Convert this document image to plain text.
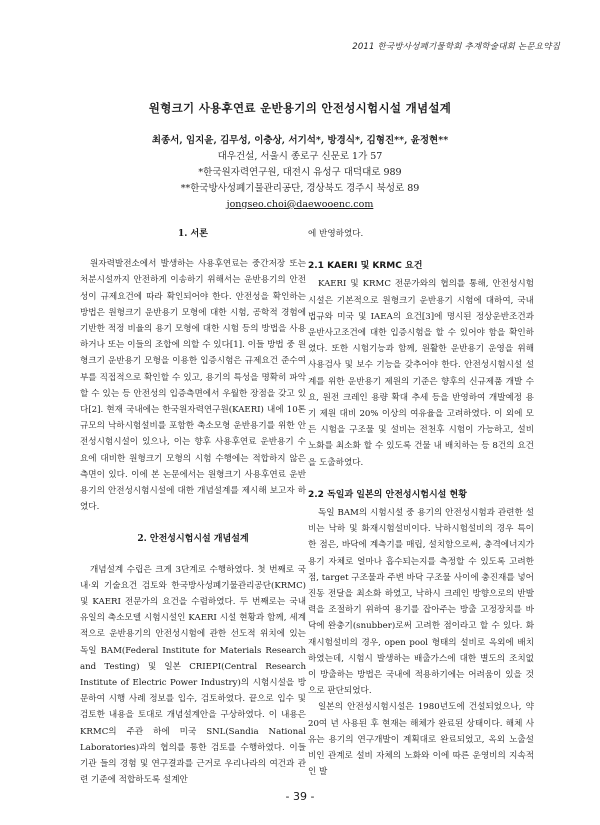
2011 한국방사성폐기물학회 추계학술대회 논문요약집
원형크기 사용후연료 운반용기의 안전성시험시설 개념설계
최종서, 임지윤, 김무성, 이충상, 서기석*, 방경식*, 김형진**, 윤정현**
대우건설, 서울시 종로구 신문로 1가 57
*한국원자력연구원, 대전시 유성구 대덕대로 989
**한국방사성폐기물관리공단, 경상북도 경주시 북성로 89
jongseo.choi@daewooenc.com
1. 서론

원자력발전소에서 발생하는 사용후연료는 중간저장 또는 처분시설까지 안전하게 이송하기 위해서는 운반용기의 안전성이 규제요건에 따라 확인되어야 한다. 안전성을 확인하는 방법은 원형크기 운반용기 모형에 대한 시험, 공학적 경험에 기반한 적정 비율의 용기 모형에 대한 시험 등의 방법을 사용하거나 또는 이들의 조합에 의할 수 있다[1]. 이들 방법 중 원형크기 운반용기 모형을 이용한 입증시험은 규제요건 준수여부를 직접적으로 확인할 수 있고, 용기의 특성을 명확히 파악할 수 있는 등 안전성의 입증측면에서 우월한 장점을 갖고 있다[2]. 현재 국내에는 한국원자력연구원(KAERI) 내에 10톤 규모의 낙하시험설비를 포함한 축소모형 운반용기를 위한 안전성시험시설이 있으나, 이는 향후 사용후연료 운반용기 수요에 대비한 원형크기 모형의 시험 수행에는 적합하지 않은 측면이 있다. 이에 본 논문에서는 원형크기 사용후연료 운반용기의 안전성시험시설에 대한 개념설계를 제시해 보고자 하였다.

2. 안전성시험시설 개념설계

개념설계 수립은 크게 3단계로 수행하였다. 첫 번째로 국내·외 기술요건 검토와 한국방사성폐기물관리공단(KRMC) 및 KAERI 전문가의 요건을 수렴하였다. 두 번째로는 국내 유일의 축소모델 시험시설인 KAERI 시설 현황과 함께, 세계적으로 운반용기의 안전성시험에 관한 선도적 위치에 있는 독일 BAM(Federal Institute for Materials Research and Testing) 및 일본 CRIEPI(Central Research Institute of Electric Power Industry)의 시험시설을 방문하여 시행 사례 정보를 입수, 검토하였다. 끝으로 입수 및 검토한 내용을 토대로 개념설계안을 구상하였다. 이 내용은 KRMC의 주관 하에 미국 SNL(Sandia National Laboratories)과의 협의를 통한 검토를 수행하였다. 이들 기관 들의 경험 및 연구결과를 근거로 우리나라의 여건과 관련 기준에 적합하도록 설계안

에 반영하였다.

2.1 KAERI 및 KRMC 요건

KAERI 및 KRMC 전문가와의 협의를 통해, 안전성시험시설은 기본적으로 원형크기 운반용기 시험에 대하여, 국내 법규와 미국 및 IAEA의 요건[3]에 명시된 정상운반조건과 운반사고조건에 대한 입증시험을 할 수 있어야 함을 확인하였다. 또한 시험기능과 함께, 원활한 운반용기 운영을 위해 사용검사 및 보수 기능을 갖추어야 한다. 안전성시험시설 설계를 위한 운반용기 제원의 기준은 향후의 신규제품 개발 수요, 원전 크레인 용량 확대 추세 등을 반영하여 개발예정 용기 제원 대비 20% 이상의 여유율을 고려하였다. 이 외에 모든 시험을 구조물 및 설비는 전천후 시험이 가능하고, 설비 노화를 최소화 할 수 있도록 건물 내 배치하는 등 8건의 요건을 도출하였다.

2.2 독일과 일본의 안전성시험시설 현황

독일 BAM의 시험시설 중 용기의 안전성시험과 관련한 설비는 낙하 및 화재시험설비이다. 낙하시험설비의 경우 특이한 점은, 바닥에 계측기를 매립, 설치함으로써, 충격에너지가 용기 자체로 얼마나 흡수되는지를 측정할 수 있도록 고려한 점, target 구조물과 주변 바닥 구조물 사이에 충진재를 넣어 진동 전달을 최소화 하였고, 낙하시 크레인 방향으로의 반발력을 조절하기 위하여 용기를 잡아주는 방출 고정장치를 바닥에 완충기(snubber)로써 고려한 점이라고 할 수 있다. 화재시험설비의 경우, open pool 형태의 설비로 옥외에 배치하였는데, 시험시 발생하는 배출가스에 대한 별도의 조치없이 방출하는 방법은 국내에 적용하기에는 어려움이 있을 것으로 판단되었다.

일본의 안전성시험시설은 1980년도에 건설되었으나, 약 20여 년 사용된 후 현재는 해체가 완료된 상태이다. 해체 사유는 용기의 연구개발이 계획대로 완료되었고, 옥외 노출설비인 관계로 설비 자체의 노화와 이에 따른 운영비의 지속적인 발

- 39 -
